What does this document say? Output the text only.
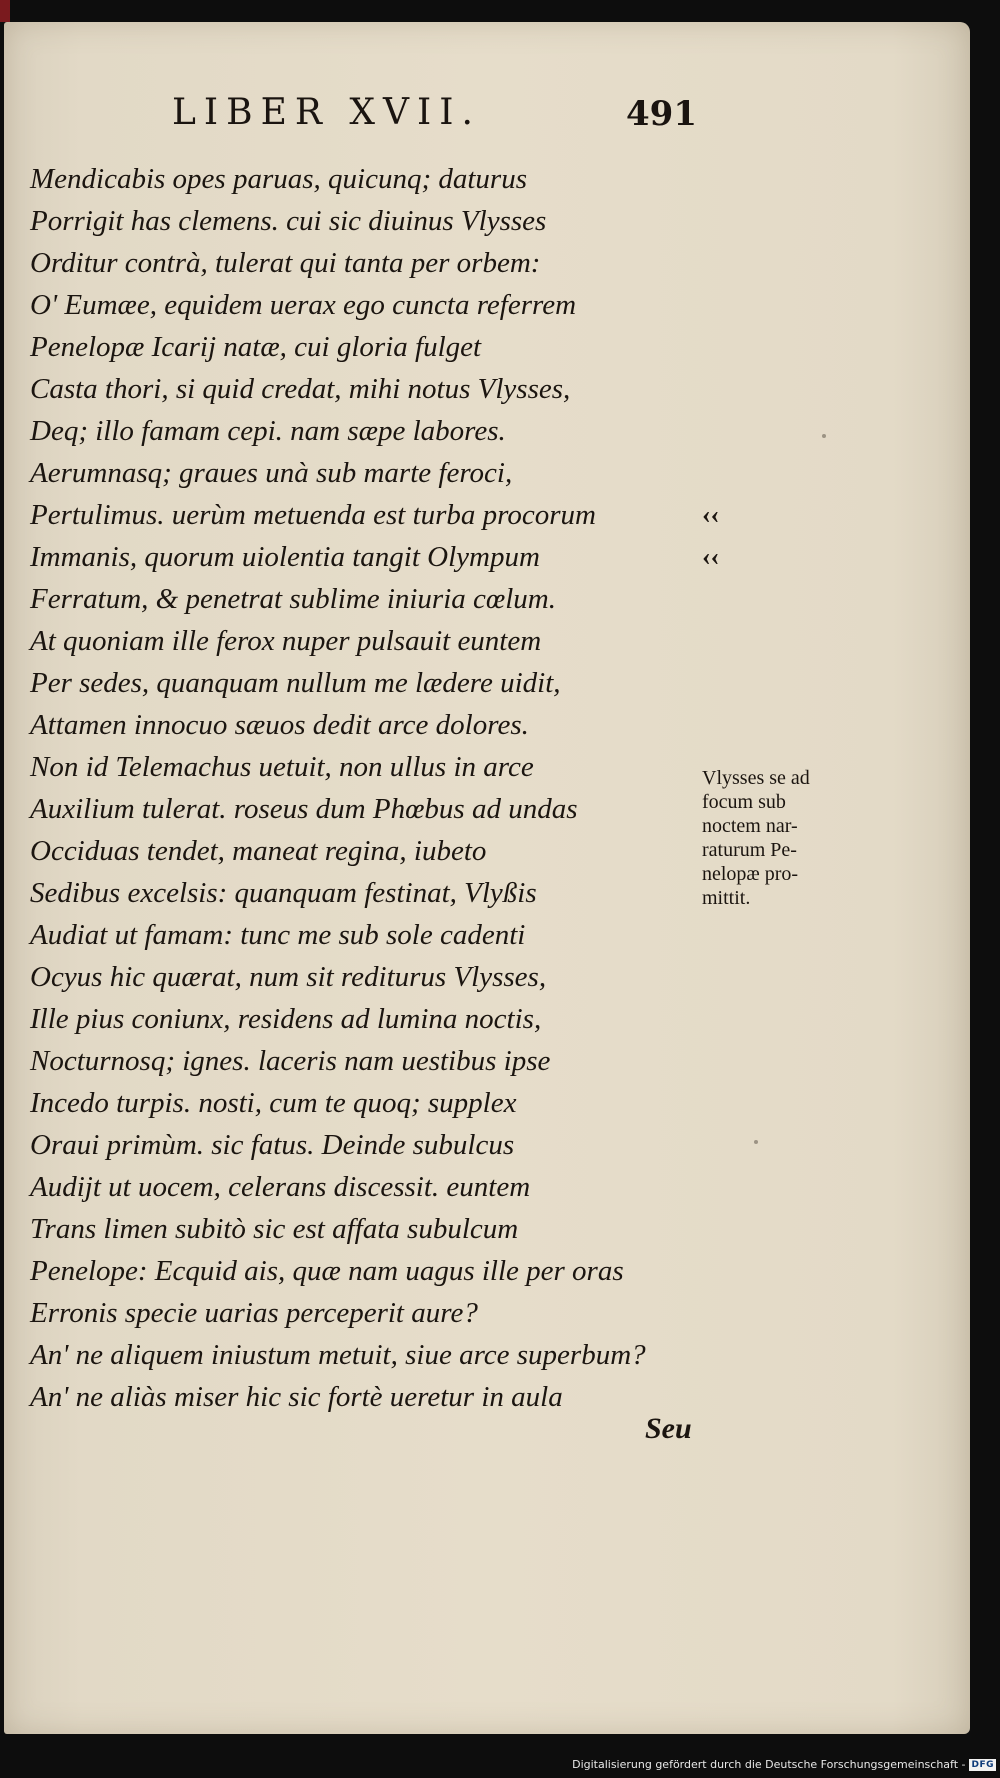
LIBER XVII.	491
Mendicabis opes paruas, quicunq; daturus
Porrigit has clemens. cui sic diuinus Vlysses
Orditur contrà, tulerat qui tanta per orbem:
O' Eumæe, equidem uerax ego cuncta referrem
Penelopæ Icarij natæ, cui gloria fulget
Casta thori, si quid credat, mihi notus Vlysses,
Deq; illo famam cepi. nam sæpe labores.
Aerumnasq; graues unà sub marte feroci,
Pertulimus. uerùm metuenda est turba procorum
Immanis, quorum uiolentia tangit Olympum
Ferratum, & penetrat sublime iniuria cœlum.
At quoniam ille ferox nuper pulsauit euntem
Per sedes, quanquam nullum me lædere uidit,
Attamen innocuo sæuos dedit arce dolores.
Non id Telemachus uetuit, non ullus in arce
Auxilium tulerat. roseus dum Phœbus ad undas
Occiduas tendet, maneat regina, iubeto
Sedibus excelsis: quanquam festinat, Vlyßis
Audiat ut famam: tunc me sub sole cadenti
Ocyus hic quærat, num sit rediturus Vlysses,
Ille pius coniunx, residens ad lumina noctis,
Nocturnosq; ignes. laceris nam uestibus ipse
Incedo turpis. nosti, cum te quoq; supplex
Oraui primùm. sic fatus. Deinde subulcus
Audijt ut uocem, celerans discessit. euntem
Trans limen subitò sic est affata subulcum
Penelope: Ecquid ais, quæ nam uagus ille per oras
Erronis specie uarias perceperit aure?
An' ne aliquem iniustum metuit, siue arce superbum?
An' ne aliàs miser hic sic fortè ueretur in aula
‹‹
‹‹
Vlysses se ad
focum sub
noctem nar-
raturum Pe-
nelopæ pro-
mittit.
Seu
Digitalisierung gefördert durch die Deutsche Forschungsgemeinschaft - DFG
